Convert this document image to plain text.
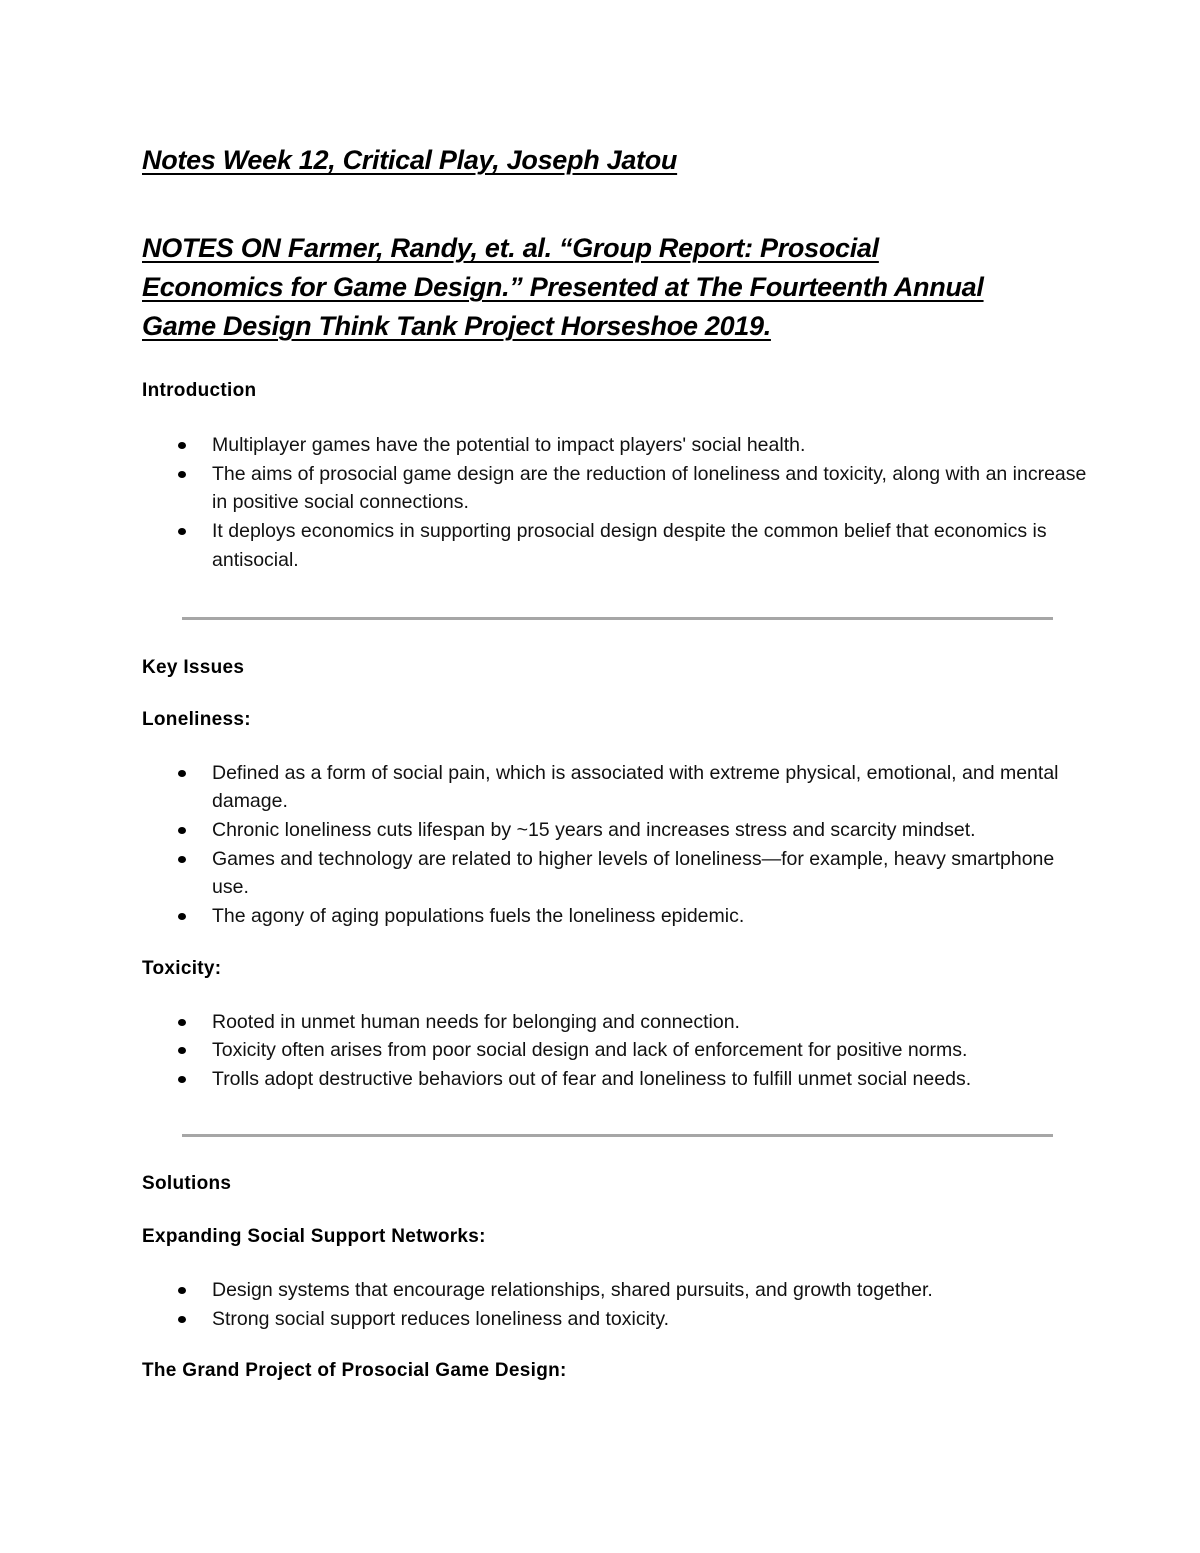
Notes Week 12, Critical Play, Joseph Jatou
NOTES ON Farmer, Randy, et. al. “Group Report: Prosocial Economics for Game Design.” Presented at The Fourteenth Annual Game Design Think Tank Project Horseshoe 2019.
Introduction
Multiplayer games have the potential to impact players' social health.
The aims of prosocial game design are the reduction of loneliness and toxicity, along with an increase in positive social connections.
It deploys economics in supporting prosocial design despite the common belief that economics is antisocial.
Key Issues
Loneliness:
Defined as a form of social pain, which is associated with extreme physical, emotional, and mental damage.
Chronic loneliness cuts lifespan by ~15 years and increases stress and scarcity mindset.
Games and technology are related to higher levels of loneliness—for example, heavy smartphone use.
The agony of aging populations fuels the loneliness epidemic.
Toxicity:
Rooted in unmet human needs for belonging and connection.
Toxicity often arises from poor social design and lack of enforcement for positive norms.
Trolls adopt destructive behaviors out of fear and loneliness to fulfill unmet social needs.
Solutions
Expanding Social Support Networks:
Design systems that encourage relationships, shared pursuits, and growth together.
Strong social support reduces loneliness and toxicity.
The Grand Project of Prosocial Game Design:
